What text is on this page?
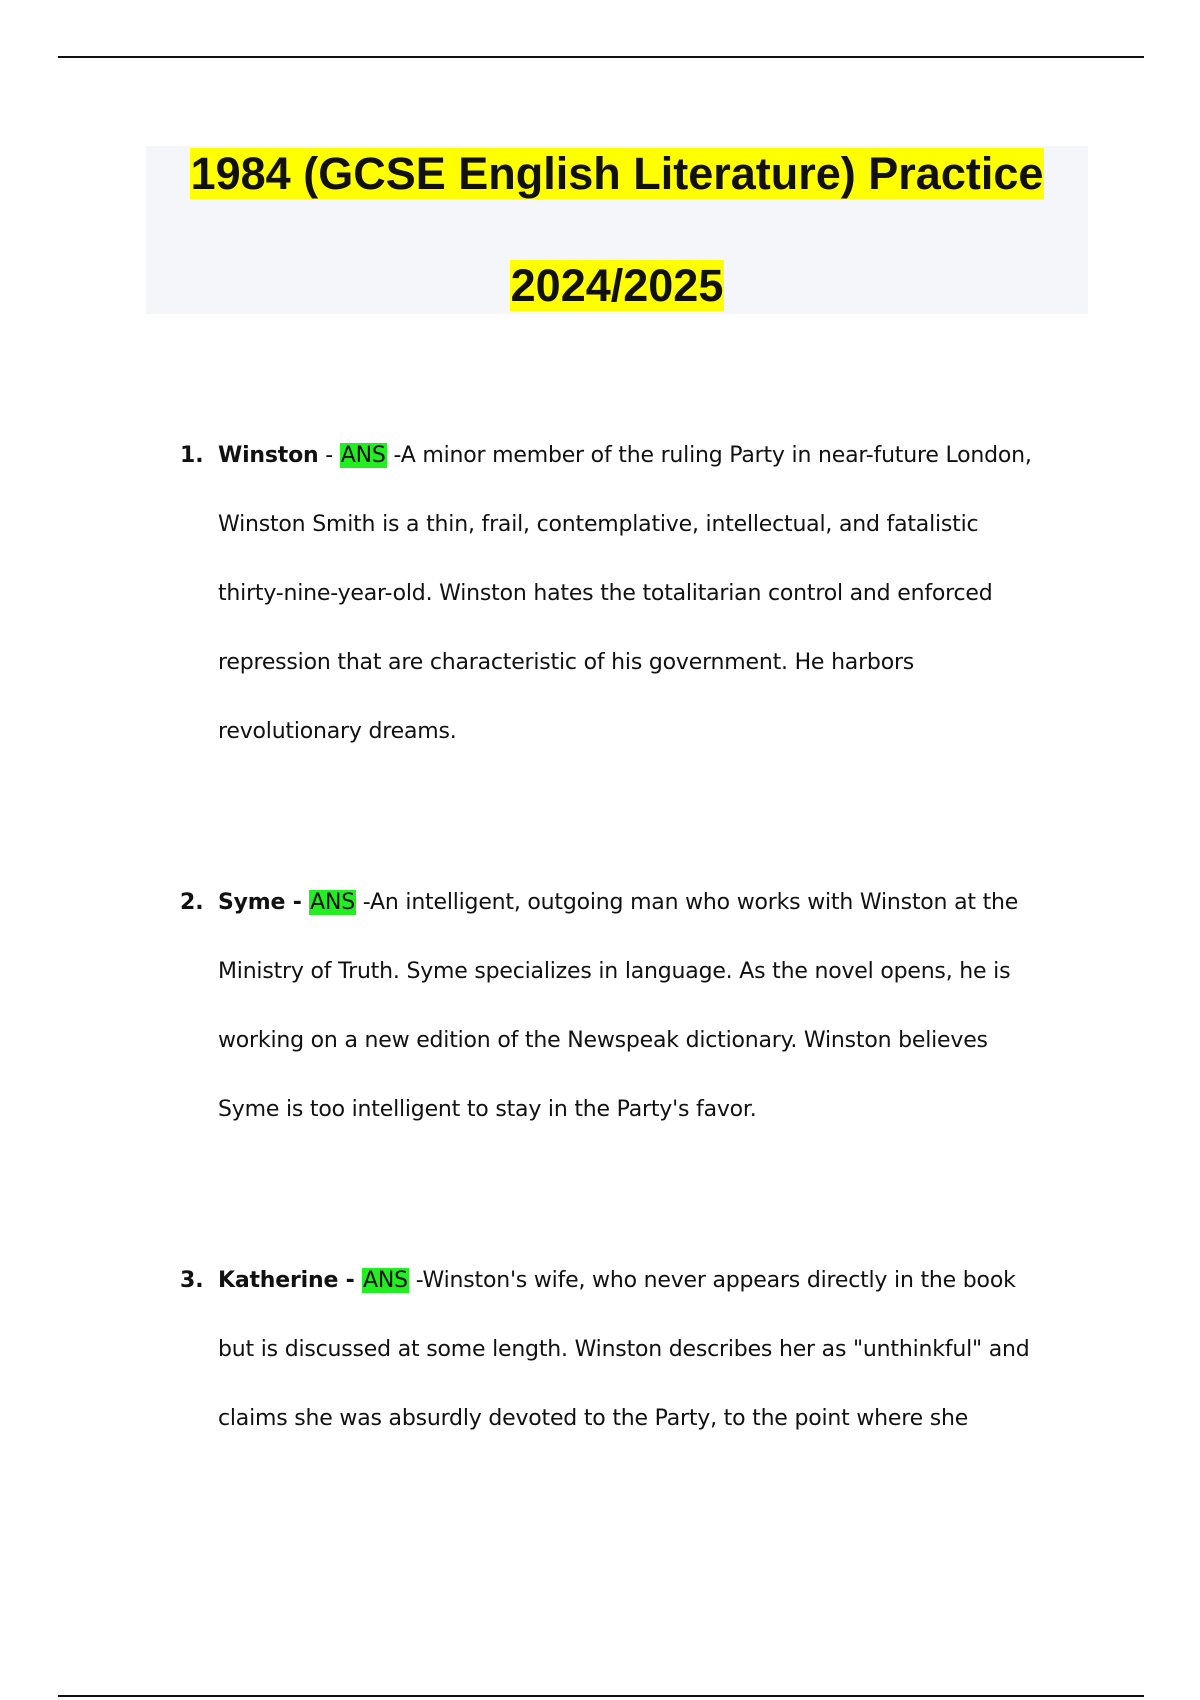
1984 (GCSE English Literature) Practice
2024/2025
1. Winston - ANS -A minor member of the ruling Party in near-future London,
Winston Smith is a thin, frail, contemplative, intellectual, and fatalistic
thirty-nine-year-old. Winston hates the totalitarian control and enforced
repression that are characteristic of his government. He harbors
revolutionary dreams.
2. Syme - ANS -An intelligent, outgoing man who works with Winston at the
Ministry of Truth. Syme specializes in language. As the novel opens, he is
working on a new edition of the Newspeak dictionary. Winston believes
Syme is too intelligent to stay in the Party's favor.
3. Katherine - ANS -Winston's wife, who never appears directly in the book
but is discussed at some length. Winston describes her as "unthinkful" and
claims she was absurdly devoted to the Party, to the point where she
